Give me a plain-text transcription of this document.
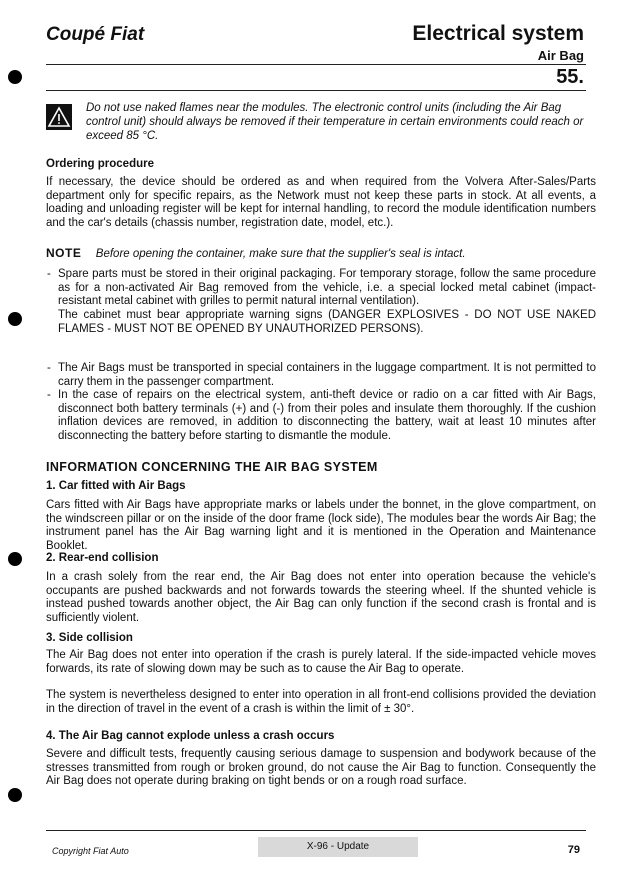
Coupé Fiat	Electrical system
Air Bag
55.
Do not use naked flames near the modules. The electronic control units (including the Air Bag control unit) should always be removed if their temperature in certain environments could reach or exceed 85 °C.
Ordering procedure
If necessary, the device should be ordered as and when required from the Volvera After-Sales/Parts department only for specific repairs, as the Network must not keep these parts in stock. At all events, a loading and unloading register will be kept for internal handling, to record the module identification numbers and the car's details (chassis number, registration date, model, etc.).
NOTE Before opening the container, make sure that the supplier's seal is intact.
- Spare parts must be stored in their original packaging. For temporary storage, follow the same procedure as for a non-activated Air Bag removed from the vehicle, i.e. a special locked metal cabinet (impact-resistant metal cabinet with grilles to permit natural internal ventilation).
The cabinet must bear appropriate warning signs (DANGER EXPLOSIVES - DO NOT USE NAKED FLAMES - MUST NOT BE OPENED BY UNAUTHORIZED PERSONS).
- The Air Bags must be transported in special containers in the luggage compartment. It is not permitted to carry them in the passenger compartment.
- In the case of repairs on the electrical system, anti-theft device or radio on a car fitted with Air Bags, disconnect both battery terminals (+) and (-) from their poles and insulate them thoroughly. If the cushion inflation devices are removed, in addition to disconnecting the battery, wait at least 10 minutes after disconnecting the battery before starting to dismantle the module.
INFORMATION CONCERNING THE AIR BAG SYSTEM
1. Car fitted with Air Bags
Cars fitted with Air Bags have appropriate marks or labels under the bonnet, in the glove compartment, on the windscreen pillar or on the inside of the door frame (lock side), The modules bear the words Air Bag; the instrument panel has the Air Bag warning light and it is mentioned in the Operation and Maintenance Booklet.
2. Rear-end collision
In a crash solely from the rear end, the Air Bag does not enter into operation because the vehicle's occupants are pushed backwards and not forwards towards the steering wheel. If the shunted vehicle is instead pushed towards another object, the Air Bag can only function if the second crash is frontal and is sufficiently violent.
3. Side collision
The Air Bag does not enter into operation if the crash is purely lateral. If the side-impacted vehicle moves forwards, its rate of slowing down may be such as to cause the Air Bag to operate.
The system is nevertheless designed to enter into operation in all front-end collisions provided the deviation in the direction of travel in the event of a crash is within the limit of ± 30°.
4. The Air Bag cannot explode unless a crash occurs
Severe and difficult tests, frequently causing serious damage to suspension and bodywork because of the stresses transmitted from rough or broken ground, do not cause the Air Bag to function. Consequently the Air Bag does not operate during braking on tight bends or on a rough road surface.
Copyright Fiat Auto	X-96 - Update	79
